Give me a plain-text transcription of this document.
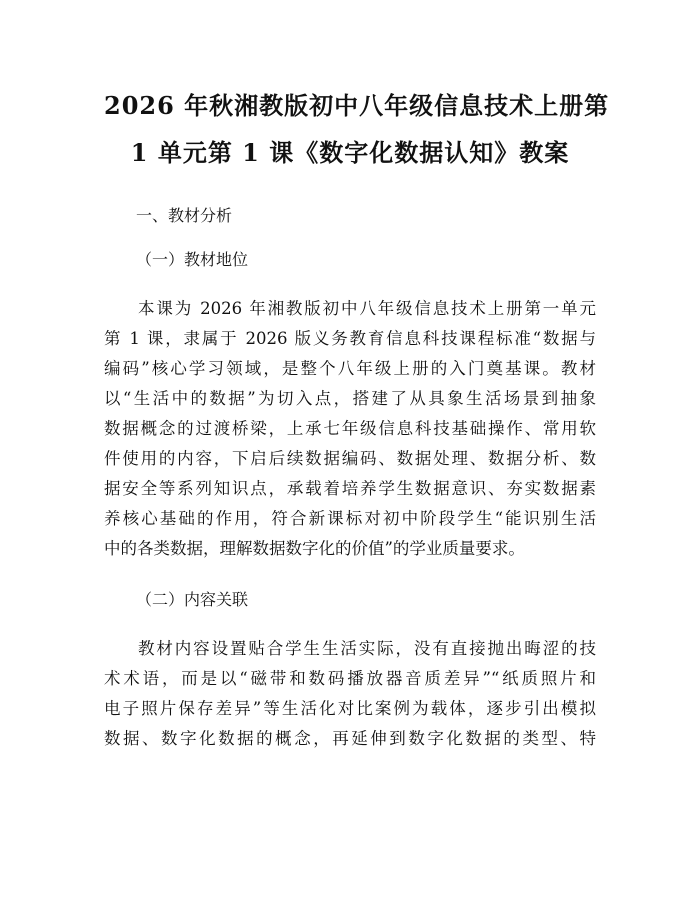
2026 年秋湘教版初中八年级信息技术上册第
1 单元第 1 课《数字化数据认知》教案
一、教材分析
（一）教材地位
本课为 2026 年湘教版初中八年级信息技术上册第一单元
第 1 课，隶属于 2026 版义务教育信息科技课程标准“数据与
编码”核心学习领域，是整个八年级上册的入门奠基课。教材
以“生活中的数据”为切入点，搭建了从具象生活场景到抽象
数据概念的过渡桥梁，上承七年级信息科技基础操作、常用软
件使用的内容，下启后续数据编码、数据处理、数据分析、数
据安全等系列知识点，承载着培养学生数据意识、夯实数据素
养核心基础的作用，符合新课标对初中阶段学生“能识别生活
中的各类数据，理解数据数字化的价值”的学业质量要求。
（二）内容关联
教材内容设置贴合学生生活实际，没有直接抛出晦涩的技
术术语，而是以“磁带和数码播放器音质差异”“纸质照片和
电子照片保存差异”等生活化对比案例为载体，逐步引出模拟
数据、数字化数据的概念，再延伸到数字化数据的类型、特
